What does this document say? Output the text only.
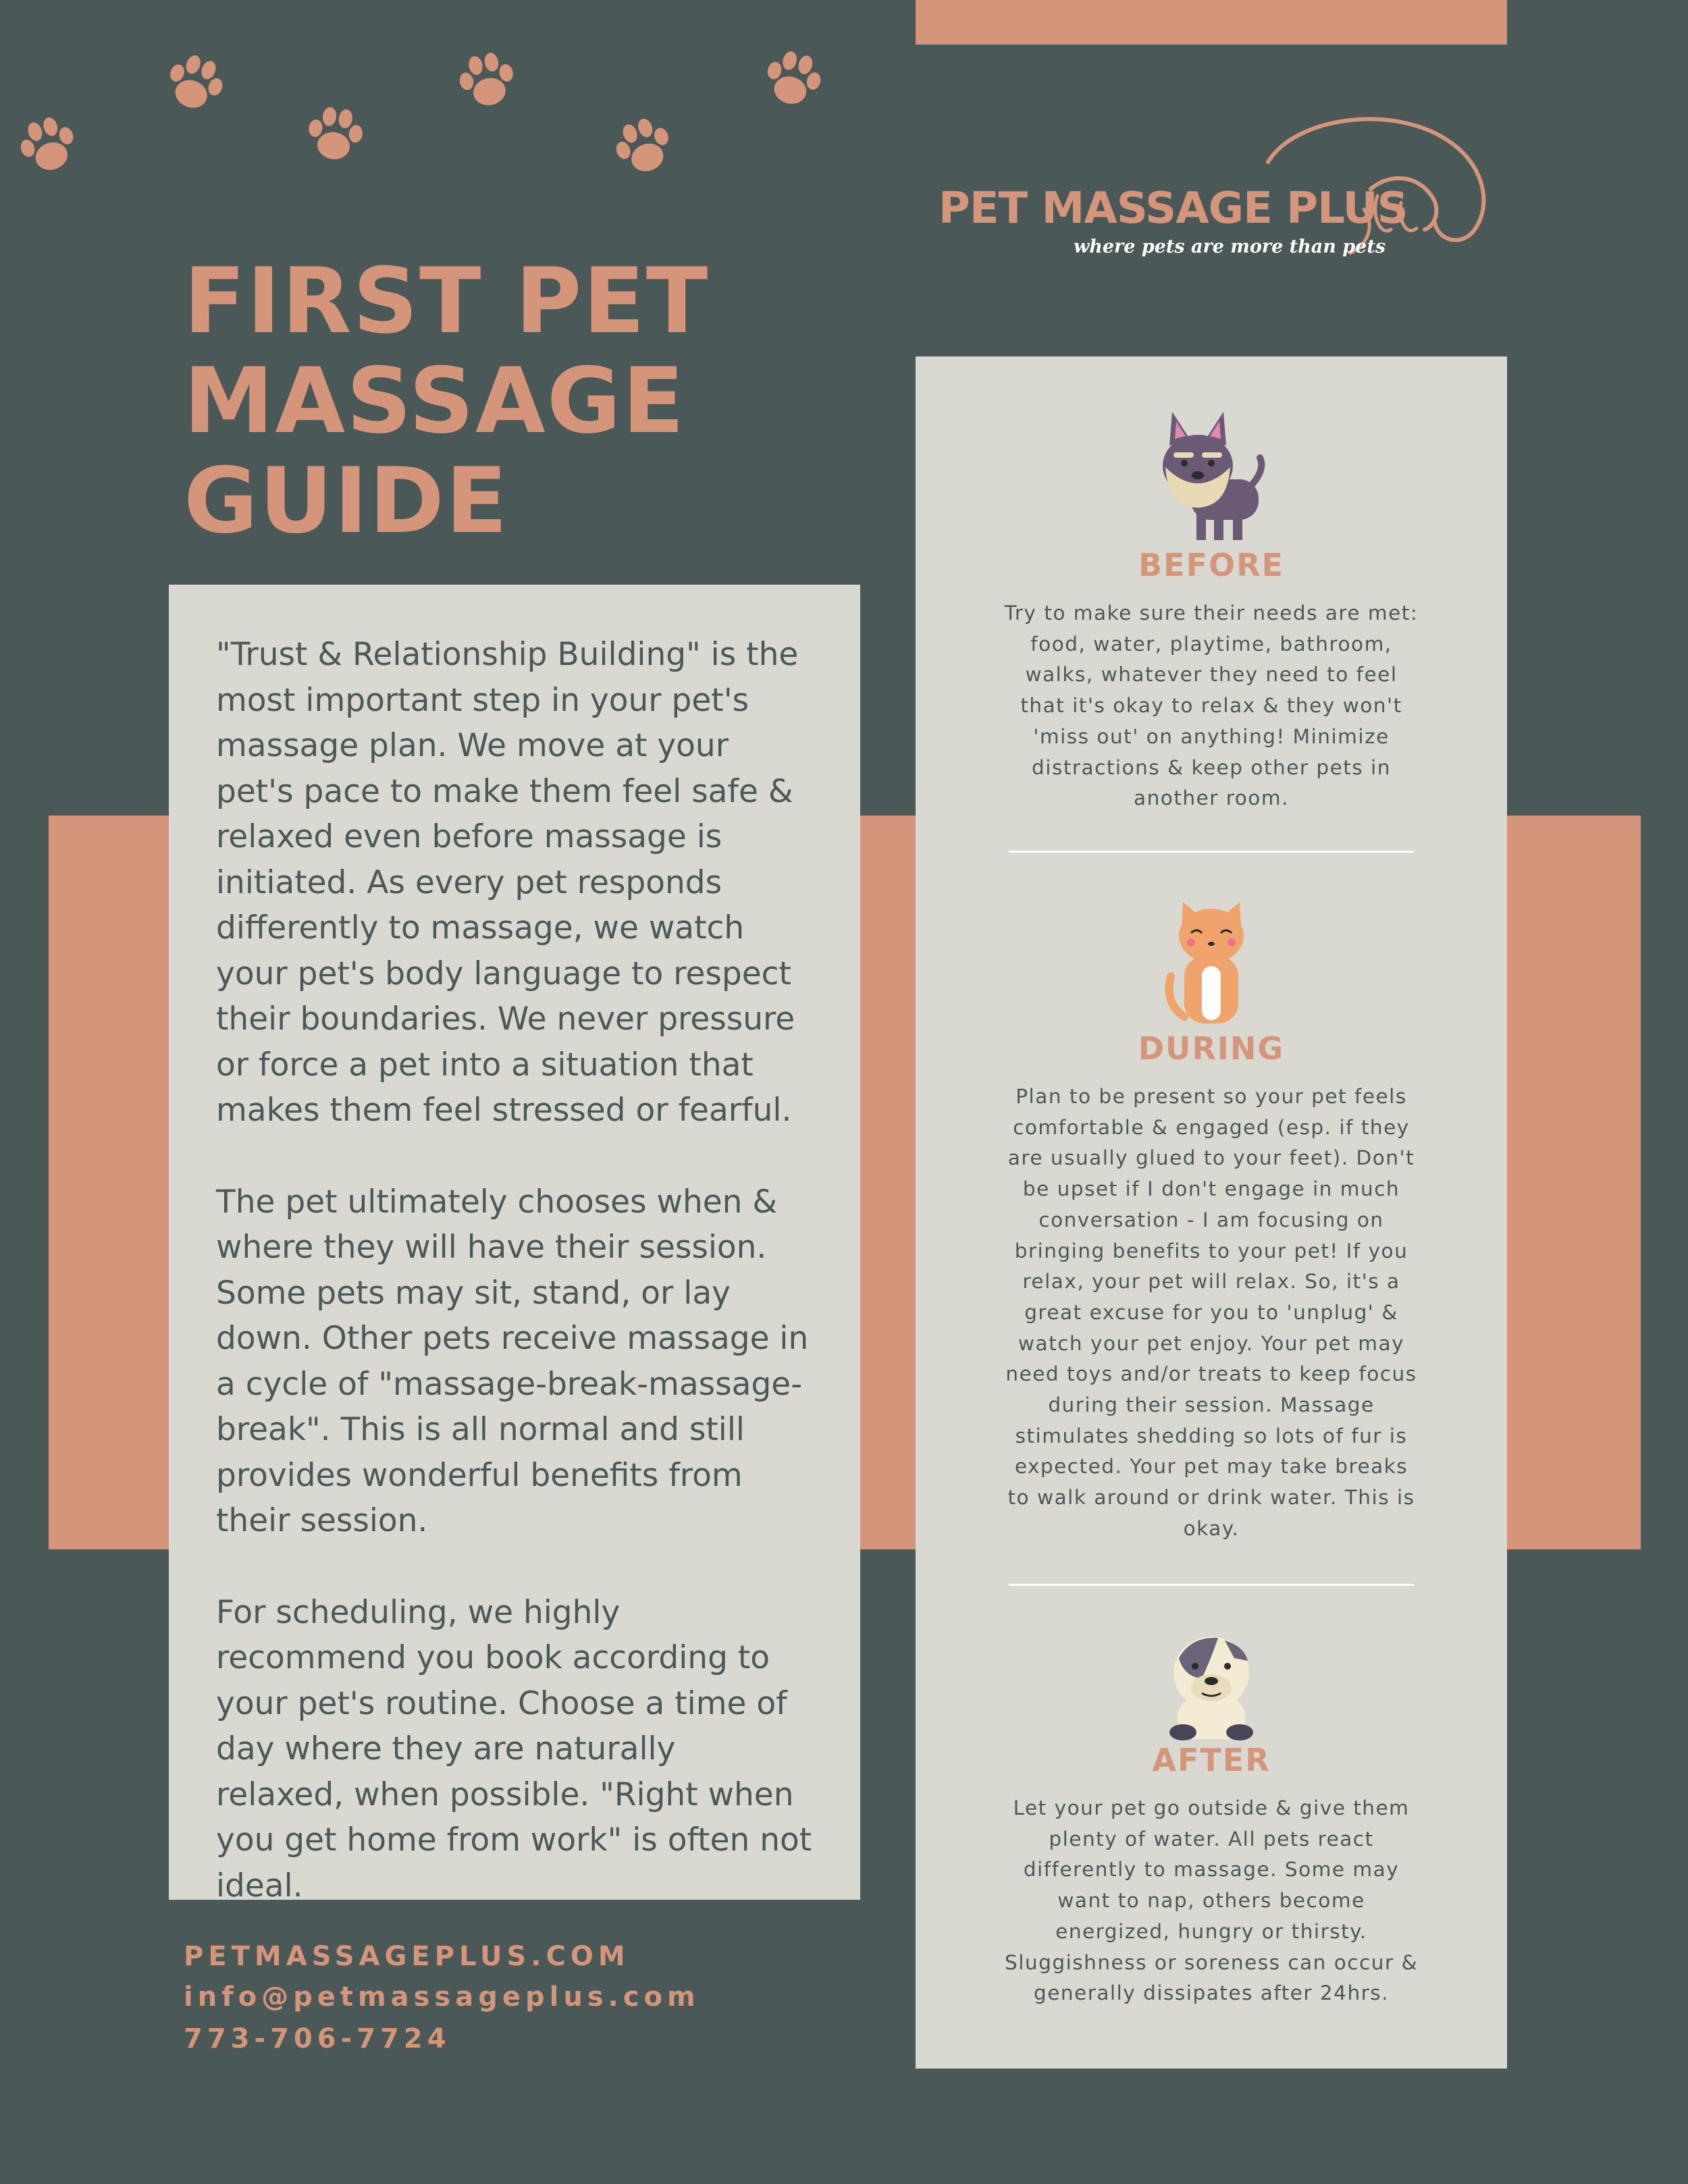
FIRST PET
MASSAGE
GUIDE

PET MASSAGE PLUS

where pets are more than pets

"Trust & Relationship Building" is the most important step in your pet's massage plan. We move at your pet's pace to make them feel safe & relaxed even before massage is initiated. As every pet responds differently to massage, we watch your pet's body language to respect their boundaries. We never pressure or force a pet into a situation that makes them feel stressed or fearful.

The pet ultimately chooses when & where they will have their session. Some pets may sit, stand, or lay down. Other pets receive massage in a cycle of "massage-break-massage-break". This is all normal and still provides wonderful benefits from their session.

For scheduling, we highly recommend you book according to your pet's routine. Choose a time of day where they are naturally relaxed, when possible. "Right when you get home from work" is often not ideal.

BEFORE

Try to make sure their needs are met: food, water, playtime, bathroom, walks, whatever they need to feel that it's okay to relax & they won't 'miss out' on anything! Minimize distractions & keep other pets in another room.

DURING

Plan to be present so your pet feels comfortable & engaged (esp. if they are usually glued to your feet). Don't be upset if I don't engage in much conversation - I am focusing on bringing benefits to your pet! If you relax, your pet will relax. So, it's a great excuse for you to 'unplug' & watch your pet enjoy. Your pet may need toys and/or treats to keep focus during their session. Massage stimulates shedding so lots of fur is expected. Your pet may take breaks to walk around or drink water. This is okay.

AFTER

Let your pet go outside & give them plenty of water. All pets react differently to massage. Some may want to nap, others become energized, hungry or thirsty. Sluggishness or soreness can occur & generally dissipates after 24hrs.

PETMASSAGEPLUS.COM

info@petmassageplus.com

773-706-7724
